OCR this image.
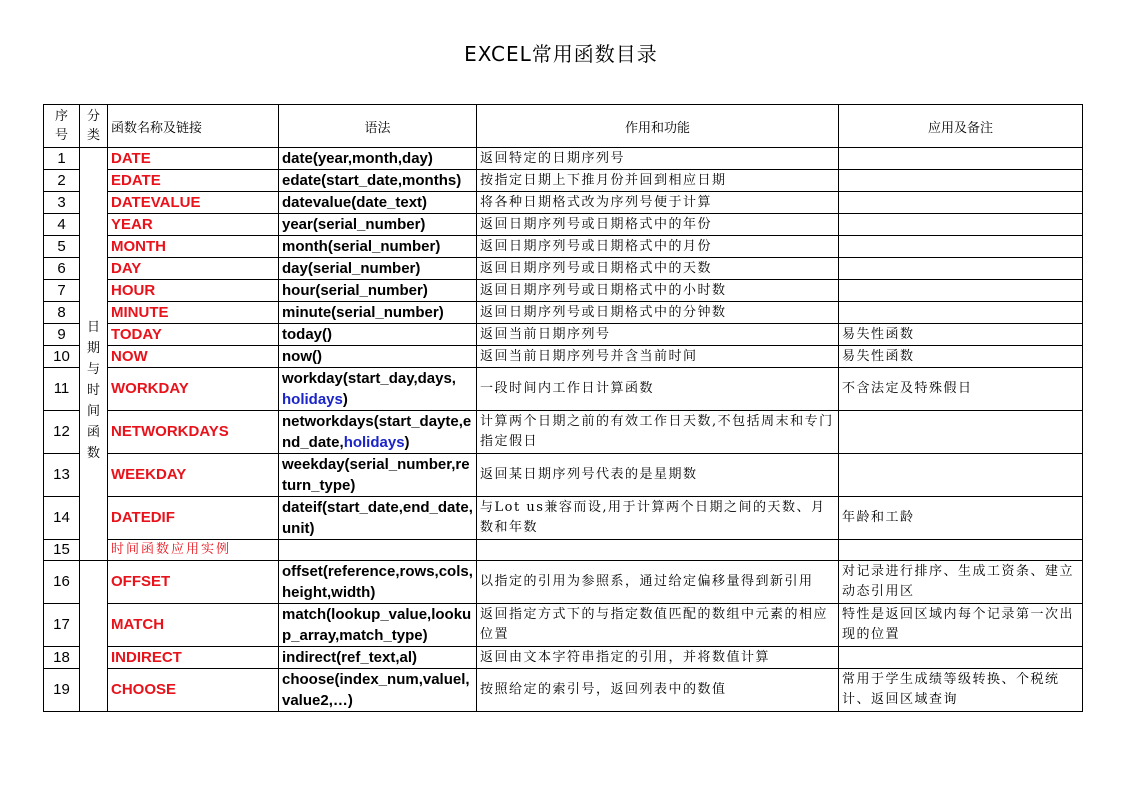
EXCEL常用函数目录
序号	分类	函数名称及链接	语法	作用和功能	应用及备注
1	日期与时间函数	DATE	date(year,month,day)	返回特定的日期序列号	
2		EDATE	edate(start_date,months)	按指定日期上下推月份并回到相应日期	
3		DATEVALUE	datevalue(date_text)	将各种日期格式改为序列号便于计算	
4		YEAR	year(serial_number)	返回日期序列号或日期格式中的年份	
5		MONTH	month(serial_number)	返回日期序列号或日期格式中的月份	
6		DAY	day(serial_number)	返回日期序列号或日期格式中的天数	
7		HOUR	hour(serial_number)	返回日期序列号或日期格式中的小时数	
8		MINUTE	minute(serial_number)	返回日期序列号或日期格式中的分钟数	
9		TODAY	today()	返回当前日期序列号	易失性函数
10		NOW	now()	返回当前日期序列号并含当前时间	易失性函数
11		WORKDAY	workday(start_day,days,
holidays)	一段时间内工作日计算函数	不含法定及特殊假日
12		NETWORKDAYS	networkdays(start_dayte,end_date,holidays)	计算两个日期之前的有效工作日天数,不包括周末和专门指定假日	
13		WEEKDAY	weekday(serial_number,return_type)	返回某日期序列号代表的是星期数	
14		DATEDIF	dateif(start_date,end_date,unit)	与Lot us兼容而设,用于计算两个日期之间的天数、月数和年数	年龄和工龄
15		时间函数应用实例			
16		OFFSET	offset(reference,rows,cols,height,width)	以指定的引用为参照系，通过给定偏移量得到新引用	对记录进行排序、生成工资条、建立动态引用区
17		MATCH	match(lookup_value,lookup_array,match_type)	返回指定方式下的与指定数值匹配的数组中元素的相应位置	特性是返回区域内每个记录第一次出现的位置
18		INDIRECT	indirect(ref_text,al)	返回由文本字符串指定的引用，并将数值计算	
19		CHOOSE	choose(index_num,valuel,value2,…)	按照给定的索引号，返回列表中的数值	常用于学生成绩等级转换、个税统计、返回区域查询
